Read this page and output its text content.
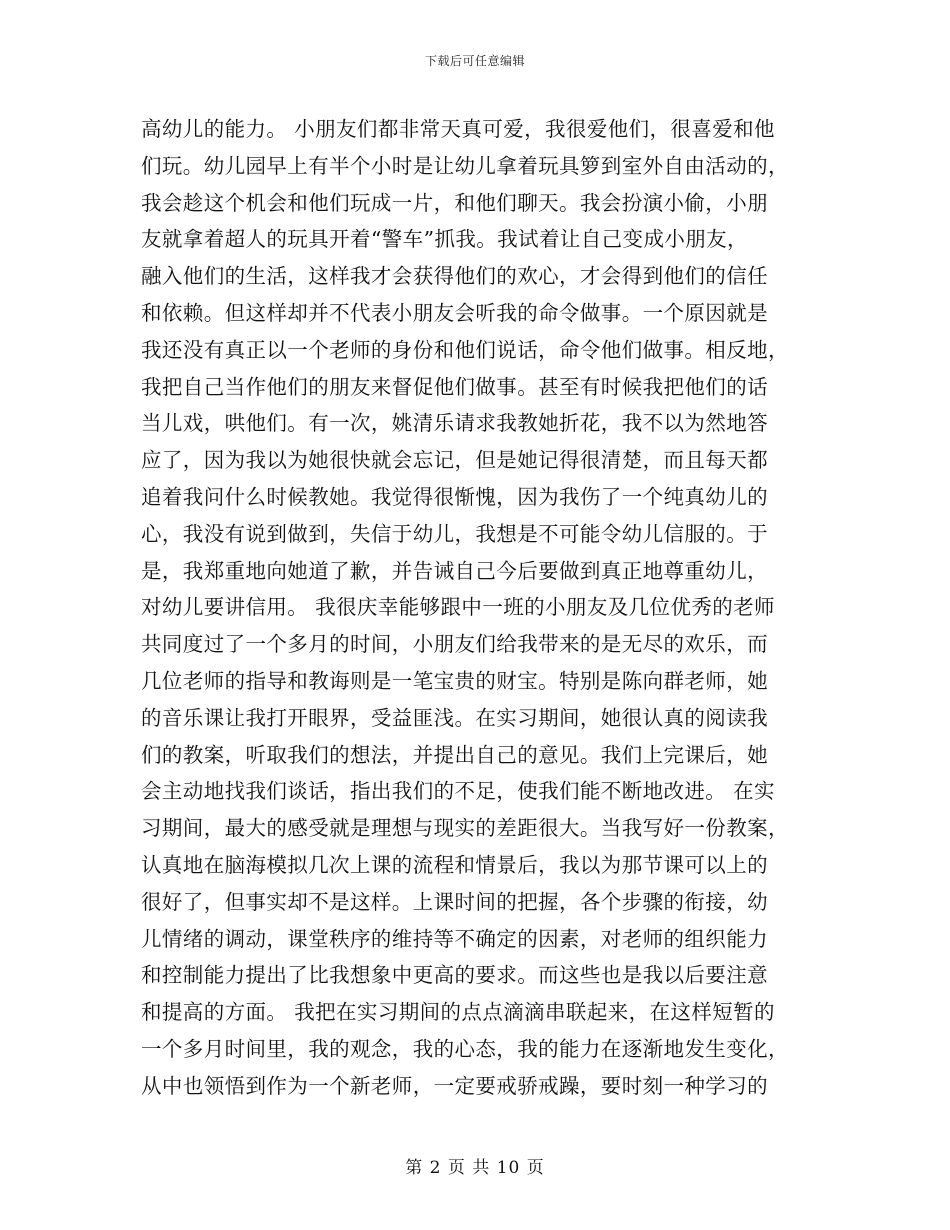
下载后可任意编辑
高幼儿的能力。 小朋友们都非常天真可爱，我很爱他们，很喜爱和他
们玩。幼儿园早上有半个小时是让幼儿拿着玩具箩到室外自由活动的，
我会趁这个机会和他们玩成一片，和他们聊天。我会扮演小偷，小朋
友就拿着超人的玩具开着“警车”抓我。我试着让自己变成小朋友，
融入他们的生活，这样我才会获得他们的欢心，才会得到他们的信任
和依赖。但这样却并不代表小朋友会听我的命令做事。一个原因就是
我还没有真正以一个老师的身份和他们说话，命令他们做事。相反地，
我把自己当作他们的朋友来督促他们做事。甚至有时候我把他们的话
当儿戏，哄他们。有一次，姚清乐请求我教她折花，我不以为然地答
应了，因为我以为她很快就会忘记，但是她记得很清楚，而且每天都
追着我问什么时候教她。我觉得很惭愧，因为我伤了一个纯真幼儿的
心，我没有说到做到，失信于幼儿，我想是不可能令幼儿信服的。于
是，我郑重地向她道了歉，并告诫自己今后要做到真正地尊重幼儿，
对幼儿要讲信用。 我很庆幸能够跟中一班的小朋友及几位优秀的老师
共同度过了一个多月的时间，小朋友们给我带来的是无尽的欢乐，而
几位老师的指导和教诲则是一笔宝贵的财宝。特别是陈向群老师，她
的音乐课让我打开眼界，受益匪浅。在实习期间，她很认真的阅读我
们的教案，听取我们的想法，并提出自己的意见。我们上完课后，她
会主动地找我们谈话，指出我们的不足，使我们能不断地改进。 在实
习期间，最大的感受就是理想与现实的差距很大。当我写好一份教案，
认真地在脑海模拟几次上课的流程和情景后，我以为那节课可以上的
很好了，但事实却不是这样。上课时间的把握，各个步骤的衔接，幼
儿情绪的调动，课堂秩序的维持等不确定的因素，对老师的组织能力
和控制能力提出了比我想象中更高的要求。而这些也是我以后要注意
和提高的方面。 我把在实习期间的点点滴滴串联起来，在这样短暂的
一个多月时间里，我的观念，我的心态，我的能力在逐渐地发生变化，
从中也领悟到作为一个新老师，一定要戒骄戒躁，要时刻一种学习的
第 2 页 共 10 页
